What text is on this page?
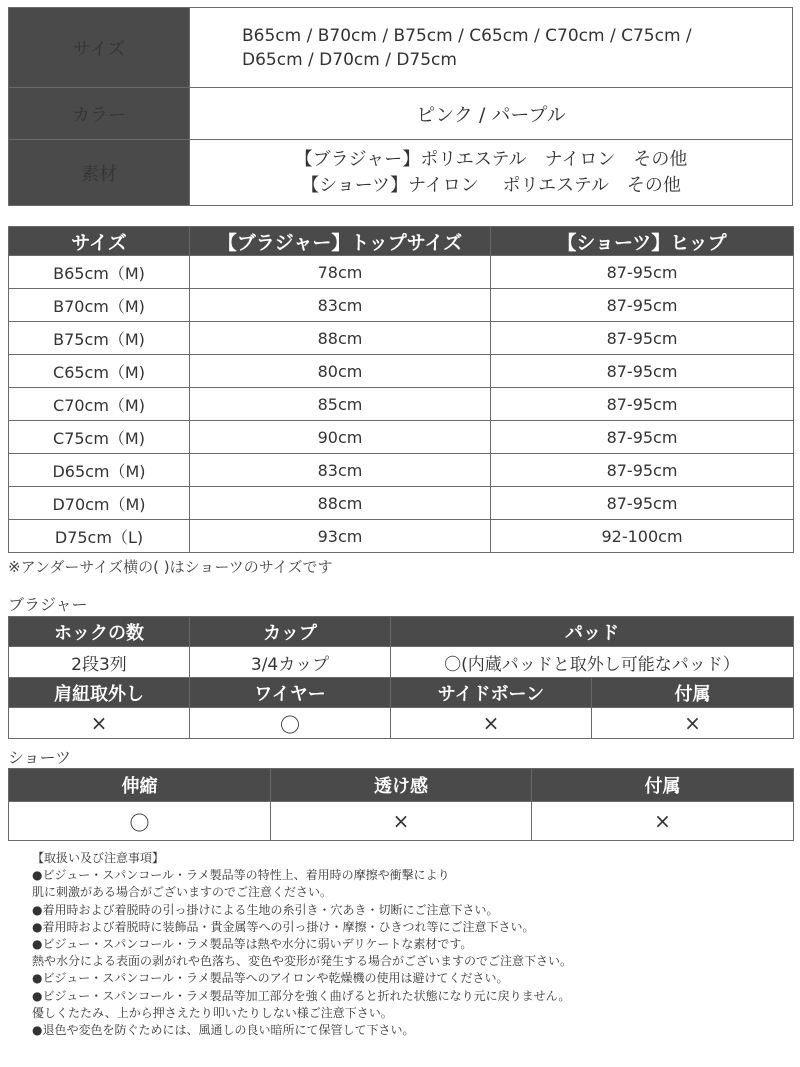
サイズ	B65cm / B70cm / B75cm / C65cm / C70cm / C75cm /
D65cm / D70cm / D75cm

カラー	ピンク / パープル
素材	【ブラジャー】ポリエステル　ナイロン　その他
【ショーツ】ナイロン　 ポリエステル　その他
サイズ	【ブラジャー】トップサイズ	【ショーツ】ヒップ
B65cm（M)	78cm	87-95cm
B70cm（M)	83cm	87-95cm
B75cm（M)	88cm	87-95cm
C65cm（M)	80cm	87-95cm
C70cm（M)	85cm	87-95cm
C75cm（M)	90cm	87-95cm
D65cm（M)	83cm	87-95cm
D70cm（M)	88cm	87-95cm
D75cm（L)	93cm	92-100cm
※アンダーサイズ横の( )はショーツのサイズです
ブラジャー
ホックの数	カップ	パッド	
2段3列	3/4カップ	〇(内蔵パッドと取外し可能なパッド）	
肩紐取外し	ワイヤー	サイドボーン	付属
×	〇	×	×
ショーツ
伸縮	透け感	付属
〇	×	×
【取扱い及び注意事項】
●ビジュー・スパンコール・ラメ製品等の特性上、着用時の摩擦や衝撃により
肌に刺激がある場合がございますのでご注意ください。
●着用時および着脱時の引っ掛けによる生地の糸引き・穴あき・切断にご注意下さい。
●着用時および着脱時に装飾品・貴金属等への引っ掛け・摩擦・ひきつれ等にご注意下さい。
●ビジュー・スパンコール・ラメ製品等は熱や水分に弱いデリケートな素材です。
熱や水分による表面の剥がれや色落ち、変色や変形が発生する場合がございますのでご注意下さい。
●ビジュー・スパンコール・ラメ製品等へのアイロンや乾燥機の使用は避けてください。
●ビジュー・スパンコール・ラメ製品等加工部分を強く曲げると折れた状態になり元に戻りません。
優しくたたみ、上から押さえたり叩いたりしない様ご注意下さい。
●退色や変色を防ぐためには、風通しの良い暗所にて保管して下さい。
